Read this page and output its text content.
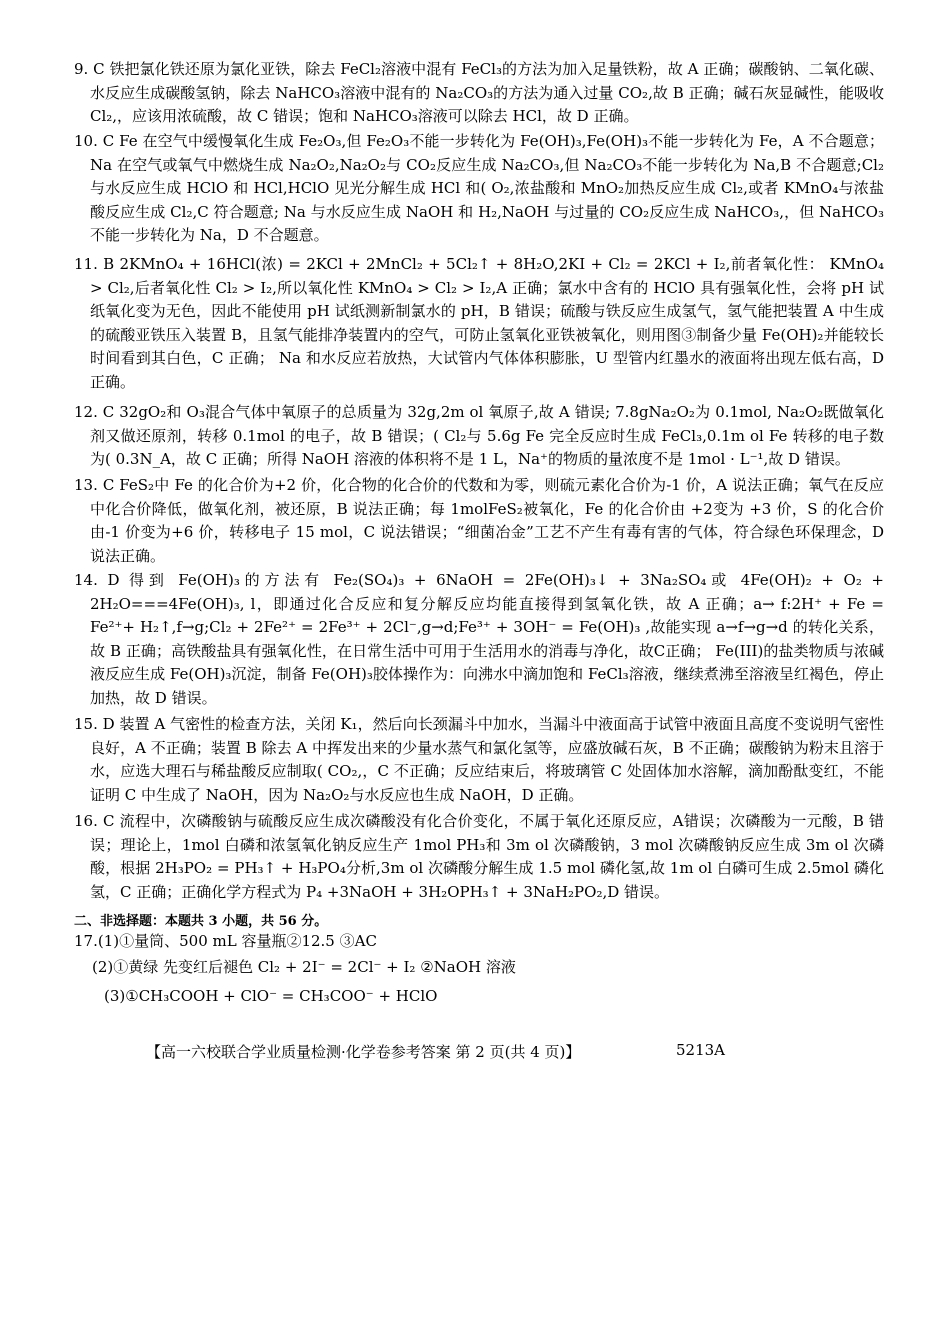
9. C 铁把氯化铁还原为氯化亚铁，除去 FeCl₂溶液中混有 FeCl₃的方法为加入足量铁粉，故 A 正确；碳酸钠、二氧化碳、水反应生成碳酸氢钠，除去 NaHCO₃溶液中混有的 Na₂CO₃的方法为通入过量 CO₂,故 B 正确；碱石灰显碱性，能吸收 Cl₂,，应该用浓硫酸，故 C 错误；饱和 NaHCO₃溶液可以除去 HCl，故 D 正确。
10. C Fe 在空气中缓慢氧化生成 Fe₂O₃,但 Fe₂O₃不能一步转化为 Fe(OH)₃,Fe(OH)₃不能一步转化为 Fe，A 不合题意； Na 在空气或氧气中燃烧生成 Na₂O₂,Na₂O₂与 CO₂反应生成 Na₂CO₃,但 Na₂CO₃不能一步转化为 Na,B 不合题意;Cl₂与水反应生成 HClO 和 HCl,HClO 见光分解生成 HCl 和( O₂,浓盐酸和 MnO₂加热反应生成 Cl₂,或者 KMnO₄与浓盐酸反应生成 Cl₂,C 符合题意; Na 与水反应生成 NaOH 和 H₂,NaOH 与过量的 CO₂反应生成 NaHCO₃,，但 NaHCO₃不能一步转化为 Na，D 不合题意。
11. B 2KMnO₄ + 16HCl(浓) = 2KCl + 2MnCl₂ + 5Cl₂↑ + 8H₂O,2KI + Cl₂ = 2KCl + I₂,前者氧化性： KMnO₄ > Cl₂,后者氧化性 Cl₂ > I₂,所以氧化性 KMnO₄ > Cl₂ > I₂,A 正确；氯水中含有的 HClO 具有强氧化性，会将 pH 试纸氧化变为无色，因此不能使用 pH 试纸测新制氯水的 pH，B 错误；硫酸与铁反应生成氢气，氢气能把装置 A 中生成的硫酸亚铁压入装置 B，且氢气能排净装置内的空气，可防止氢氧化亚铁被氧化，则用图③制备少量 Fe(OH)₂并能较长时间看到其白色，C 正确； Na 和水反应若放热，大试管内气体体积膨胀，U 型管内红墨水的液面将出现左低右高，D 正确。
12. C 32gO₂和 O₃混合气体中氧原子的总质量为 32g,2m ol 氧原子,故 A 错误; 7.8gNa₂O₂为 0.1mol, Na₂O₂既做氧化剂又做还原剂，转移 0.1mol 的电子，故 B 错误；( Cl₂与 5.6g Fe 完全反应时生成 FeCl₃,0.1m ol Fe 转移的电子数为( 0.3N_A，故 C 正确；所得 NaOH 溶液的体积将不是 1 L，Na⁺的物质的量浓度不是 1mol · L⁻¹,故 D 错误。
13. C FeS₂中 Fe 的化合价为+2 价，化合物的化合价的代数和为零，则硫元素化合价为-1 价，A 说法正确；氧气在反应中化合价降低，做氧化剂，被还原，B 说法正确；每 1molFeS₂被氧化，Fe 的化合价由 +2变为 +3 价，S 的化合价由-1 价变为+6 价，转移电子 15 mol，C 说法错误；“细菌冶金”工艺不产生有毒有害的气体，符合绿色环保理念，D 说法正确。
14. D 得到 Fe(OH)₃的方法有 Fe₂(SO₄)₃ + 6NaOH = 2Fe(OH)₃↓ + 3Na₂SO₄或 4Fe(OH)₂ + O₂ + 2H₂O===4Fe(OH)₃, l，即通过化合反应和复分解反应均能直接得到氢氧化铁，故 A 正确；a→ f:2H⁺ + Fe = Fe²⁺+ H₂↑,f→g;Cl₂ + 2Fe²⁺ = 2Fe³⁺ + 2Cl⁻,g→d;Fe³⁺ + 3OH⁻ = Fe(OH)₃ ,故能实现 a→f→g→d 的转化关系，故 B 正确；高铁酸盐具有强氧化性，在日常生活中可用于生活用水的消毒与净化，故C正确； Fe(III)的盐类物质与浓碱液反应生成 Fe(OH)₃沉淀，制备 Fe(OH)₃胶体操作为：向沸水中滴加饱和 FeCl₃溶液，继续煮沸至溶液呈红褐色，停止加热，故 D 错误。
15. D 装置 A 气密性的检查方法，关闭 K₁，然后向长颈漏斗中加水，当漏斗中液面高于试管中液面且高度不变说明气密性良好，A 不正确；装置 B 除去 A 中挥发出来的少量水蒸气和氯化氢等，应盛放碱石灰，B 不正确；碳酸钠为粉末且溶于水，应选大理石与稀盐酸反应制取( CO₂,，C 不正确；反应结束后，将玻璃管 C 处固体加水溶解，滴加酚酞变红，不能证明 C 中生成了 NaOH，因为 Na₂O₂与水反应也生成 NaOH，D 正确。
16. C 流程中，次磷酸钠与硫酸反应生成次磷酸没有化合价变化，不属于氧化还原反应，A错误；次磷酸为一元酸，B 错误；理论上，1mol 白磷和浓氢氧化钠反应生产 1mol PH₃和 3m ol 次磷酸钠，3 mol 次磷酸钠反应生成 3m ol 次磷酸，根据 2H₃PO₂ = PH₃↑ + H₃PO₄分析,3m ol 次磷酸分解生成 1.5 mol 磷化氢,故 1m ol 白磷可生成 2.5mol 磷化氢，C 正确；正确化学方程式为 P₄ +3NaOH + 3H₂OPH₃↑ + 3NaH₂PO₂,D 错误。
二、非选择题：本题共 3 小题，共 56 分。
17.(1)①量筒、500 mL 容量瓶②12.5 ③AC
(2)①黄绿 先变红后褪色 Cl₂ + 2I⁻ = 2Cl⁻ + I₂ ②NaOH 溶液
(3)①CH₃COOH + ClO⁻ = CH₃COO⁻ + HClO
【高一六校联合学业质量检测·化学卷参考答案 第 2 页(共 4 页)】	5213A
